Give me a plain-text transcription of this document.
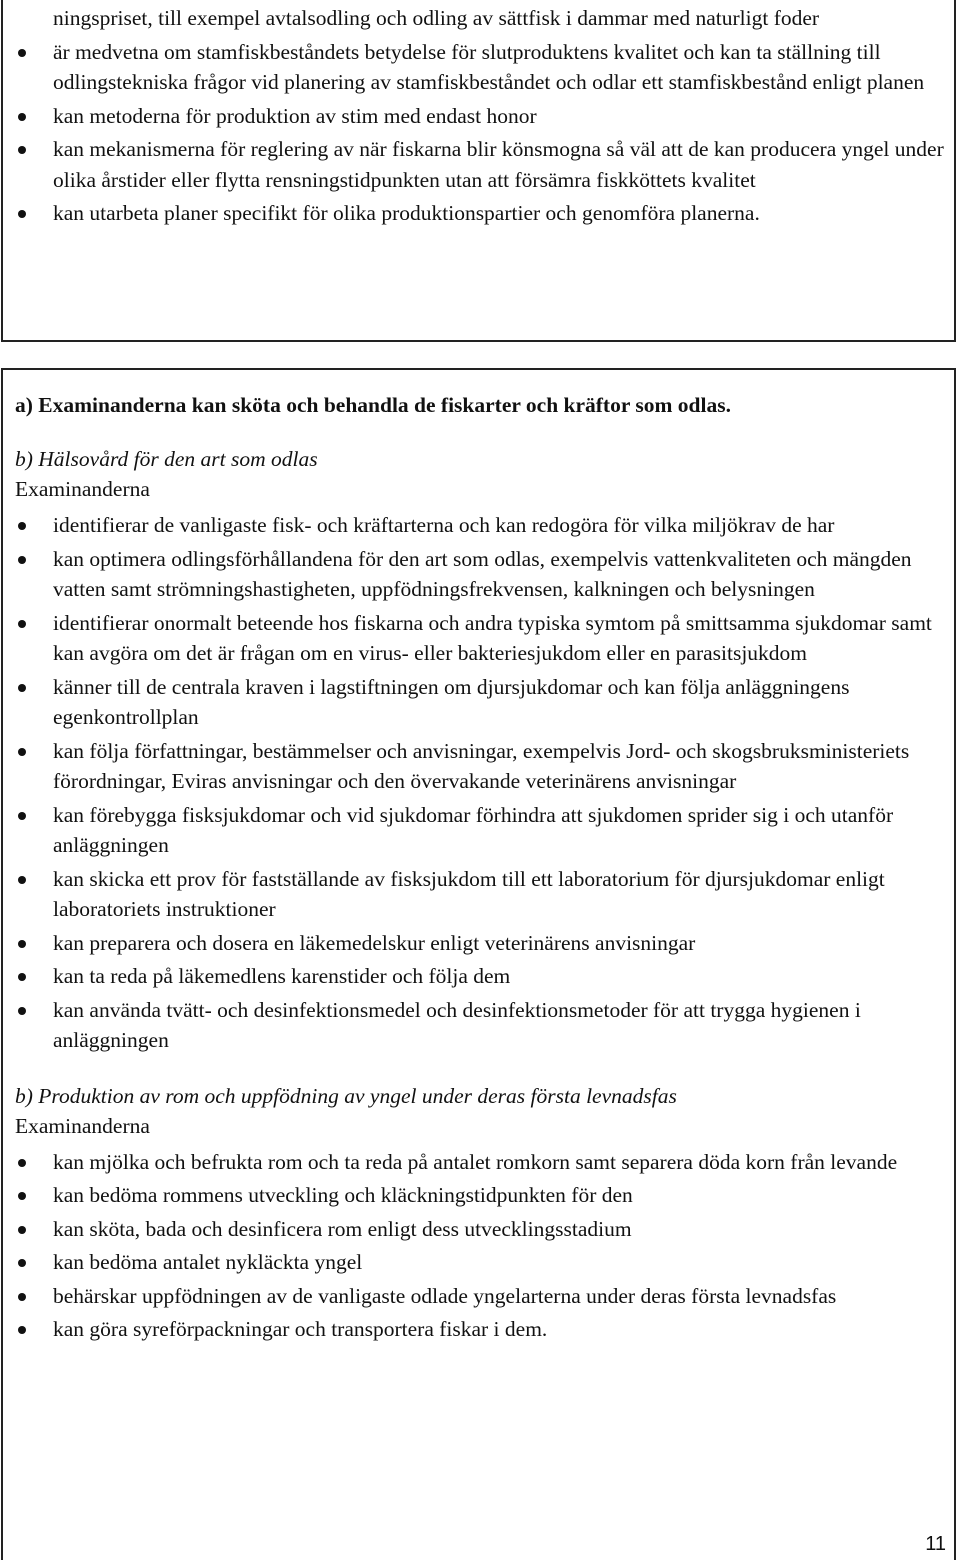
ningspriset, till exempel avtalsodling och odling av sättfisk i dammar med naturligt foder
är medvetna om stamfiskbeståndets betydelse för slutproduktens kvalitet och kan ta ställning till odlingstekniska frågor vid planering av stamfiskbeståndet och odlar ett stamfiskbestånd enligt planen
kan metoderna för produktion av stim med endast honor
kan mekanismerna för reglering av när fiskarna blir könsmogna så väl att de kan producera yngel under olika årstider eller flytta rensningstidpunkten utan att försämra fiskköttets kvalitet
kan utarbeta planer specifikt för olika produktionspartier och genomföra planerna.
a) Examinanderna kan sköta och behandla de fiskarter och kräftor som odlas.
b) Hälsovård för den art som odlas
Examinanderna
identifierar de vanligaste fisk- och kräftarterna och kan redogöra för vilka miljökrav de har
kan optimera odlingsförhållandena för den art som odlas, exempelvis vattenkvaliteten och mängden vatten samt strömningshastigheten, uppfödningsfrekvensen, kalkningen och belysningen
identifierar onormalt beteende hos fiskarna och andra typiska symtom på smittsamma sjukdomar samt kan avgöra om det är frågan om en virus- eller bakteriesjukdom eller en parasitsjukdom
känner till de centrala kraven i lagstiftningen om djursjukdomar och kan följa anläggningens egenkontrollplan
kan följa författningar, bestämmelser och anvisningar, exempelvis Jord- och skogsbruksministeriets förordningar, Eviras anvisningar och den övervakande veterinärens anvisningar
kan förebygga fisksjukdomar och vid sjukdomar förhindra att sjukdomen sprider sig i och utanför anläggningen
kan skicka ett prov för fastställande av fisksjukdom till ett laboratorium för djursjukdomar enligt laboratoriets instruktioner
kan preparera och dosera en läkemedelskur enligt veterinärens anvisningar
kan ta reda på läkemedlens karenstider och följa dem
kan använda tvätt- och desinfektionsmedel och desinfektionsmetoder för att trygga hygienen i anläggningen
b) Produktion av rom och uppfödning av yngel under deras första levnadsfas
Examinanderna
kan mjölka och befrukta rom och ta reda på antalet romkorn samt separera döda korn från levande
kan bedöma rommens utveckling och kläckningstidpunkten för den
kan sköta, bada och desinficera rom enligt dess utvecklingsstadium
kan bedöma antalet nykläckta yngel
behärskar uppfödningen av de vanligaste odlade yngelarterna under deras första levnadsfas
kan göra syreförpackningar och transportera fiskar i dem.
11
